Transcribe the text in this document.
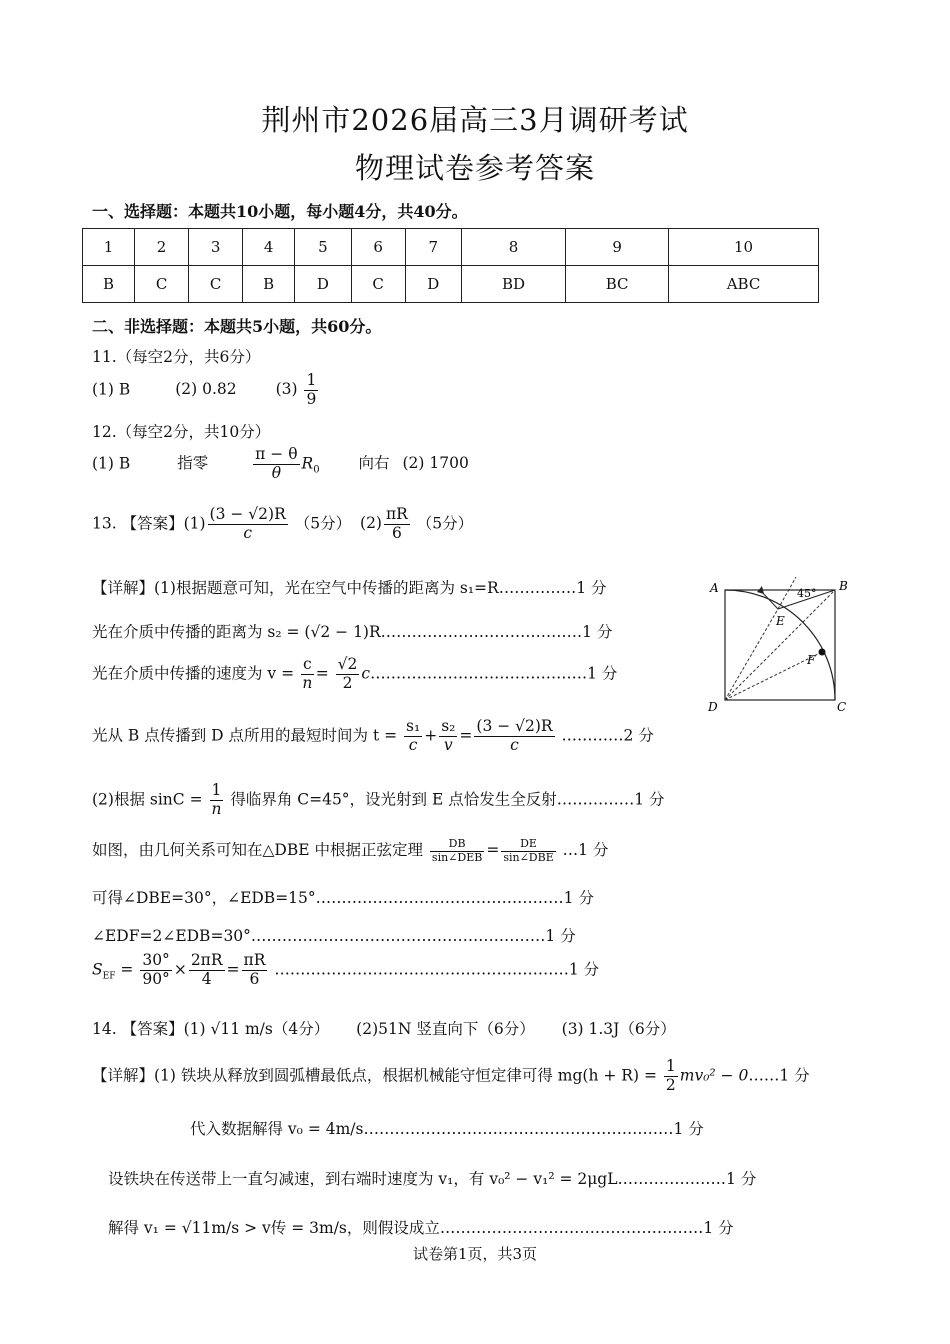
荆州市2026届高三3月调研考试
物理试卷参考答案
一、选择题：本题共10小题，每小题4分，共40分。
1	2	3	4	5	6	7	8	9	10
B	C	C	B	D	C	D	BD	BC	ABC
二、非选择题：本题共5小题，共60分。
11.（每空2分，共6分）
(1) B	(2) 0.82	$(3) \frac{1}{9}$
12.（每空2分，共10分）
(1) B	指零	$\frac{\pi - \theta}{\theta} R_0$	向右 (2) 1700
13. 【答案】$(1) \frac{(3 - √2)R}{c} (5$分） $(2) \frac{\pi R}{6} (5$分）
【详解】(1)根据题意可知，光在空气中传播的距离为 s₁=R……………1 分
光在介质中传播的距离为 s₂ = (√2 − 1)R…………………………………1 分
光在介质中传播的速度为 $v = \frac{c}{n} = \frac{√2}{2}$ c……………………………………1 分
光从 B 点传播到 D 点所用的最短时间为 $t = \frac{\text{s₁}}{c} + \frac{\text{s₂}}{v} = \frac{(3 - √2)R}{c}$ …………2 分
(2)根据 $\sin C = \frac{1}{n}$ 得临界角 C=45°，设光射到 E 点恰发生全反射……………1 分
如图，由几何关系可知在△DBE 中根据正弦定理 $\frac{DB}{\text{sin∠DEB}} = \frac{DE}{\text{sin∠DBE}}$ …1 分
可得∠DBE=30°，∠EDB=15°…………………………………………1 分
∠EDF=2∠EDB=30°…………………………………………………1 分
$S_{EF} = \frac{30^\circ}{90^\circ} \times \frac{2\pi R}{4} = \frac{\pi R}{6}$ …………………………………………………1 分
A	B
C
D
E
F
45°
14. 【答案】(1) √11 m/s（4分） (2)51N 竖直向下（6分） (3) 1.3J（6分）
【详解】(1) 铁块从释放到圆弧槽最低点，根据机械能守恒定律可得 $mg(h + R) = \frac{1}{2} mv_0^2$ − 0……1 分
代入数据解得 v₀ = 4m/s……………………………………………………1 分
设铁块在传送带上一直匀减速，到右端时速度为 v₁，有 v₀² − v₁² = 2μgL…………………1 分
解得 v₁ = √11m/s > v传 = 3m/s，则假设成立……………………………………………1 分
试卷第1页，共3页
